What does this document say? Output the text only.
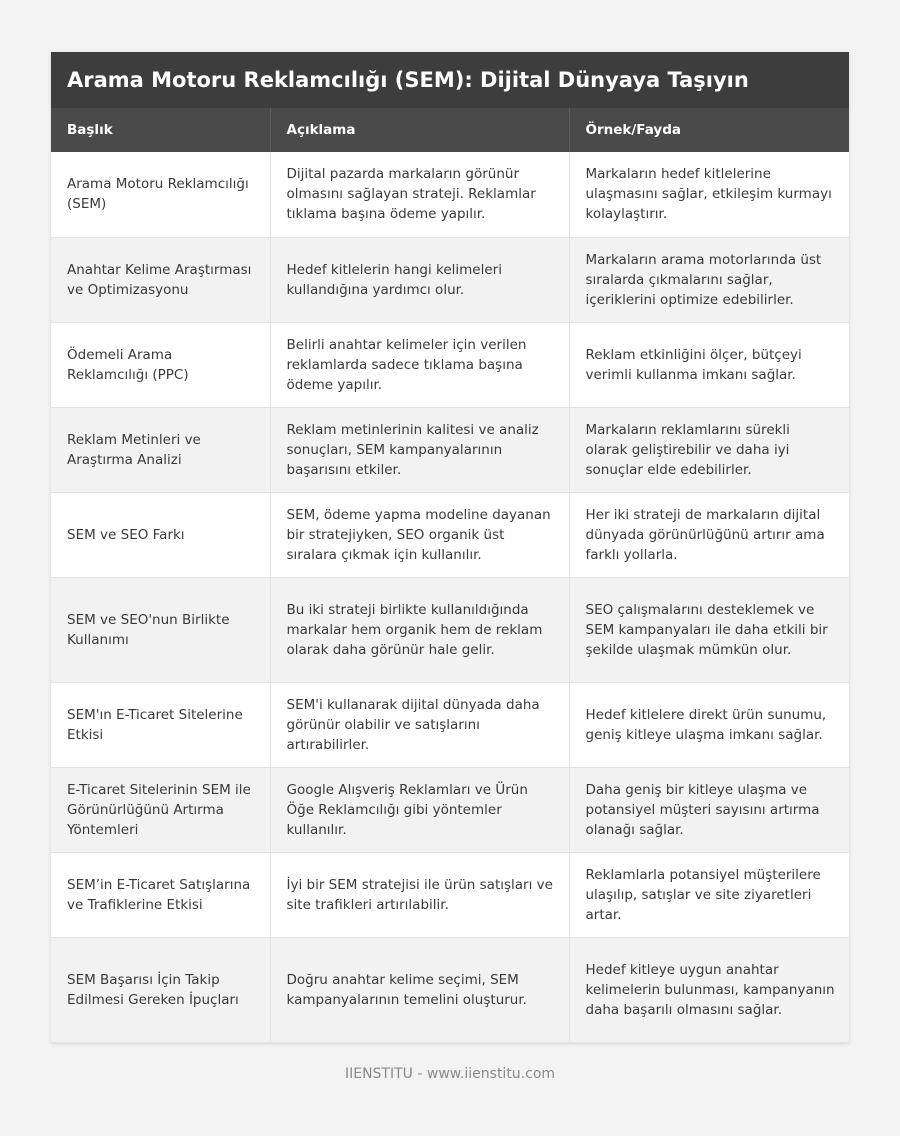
Arama Motoru Reklamcılığı (SEM): Dijital Dünyaya Taşıyın
Başlık	Açıklama	Örnek/Fayda
Arama Motoru Reklamcılığı (SEM)	Dijital pazarda markaların görünür olmasını sağlayan strateji. Reklamlar tıklama başına ödeme yapılır.	Markaların hedef kitlelerine ulaşmasını sağlar, etkileşim kurmayı kolaylaştırır.
Anahtar Kelime Araştırması ve Optimizasyonu	Hedef kitlelerin hangi kelimeleri kullandığına yardımcı olur.	Markaların arama motorlarında üst sıralarda çıkmalarını sağlar, içeriklerini optimize edebilirler.
Ödemeli Arama Reklamcılığı (PPC)	Belirli anahtar kelimeler için verilen reklamlarda sadece tıklama başına ödeme yapılır.	Reklam etkinliğini ölçer, bütçeyi verimli kullanma imkanı sağlar.
Reklam Metinleri ve Araştırma Analizi	Reklam metinlerinin kalitesi ve analiz sonuçları, SEM kampanyalarının başarısını etkiler.	Markaların reklamlarını sürekli olarak geliştirebilir ve daha iyi sonuçlar elde edebilirler.
SEM ve SEO Farkı	SEM, ödeme yapma modeline dayanan bir stratejiyken, SEO organik üst sıralara çıkmak için kullanılır.	Her iki strateji de markaların dijital dünyada görünürlüğünü artırır ama farklı yollarla.
SEM ve SEO'nun Birlikte Kullanımı	Bu iki strateji birlikte kullanıldığında markalar hem organik hem de reklam olarak daha görünür hale gelir.	SEO çalışmalarını desteklemek ve SEM kampanyaları ile daha etkili bir şekilde ulaşmak mümkün olur.
SEM'ın E-Ticaret Sitelerine Etkisi	SEM'i kullanarak dijital dünyada daha görünür olabilir ve satışlarını artırabilirler.	Hedef kitlelere direkt ürün sunumu, geniş kitleye ulaşma imkanı sağlar.
E-Ticaret Sitelerinin SEM ile Görünürlüğünü Artırma Yöntemleri	Google Alışveriş Reklamları ve Ürün Öğe Reklamcılığı gibi yöntemler kullanılır.	Daha geniş bir kitleye ulaşma ve potansiyel müşteri sayısını artırma olanağı sağlar.
SEM’in E-Ticaret Satışlarına ve Trafiklerine Etkisi	İyi bir SEM stratejisi ile ürün satışları ve site trafikleri artırılabilir.	Reklamlarla potansiyel müşterilere ulaşılıp, satışlar ve site ziyaretleri artar.
SEM Başarısı İçin Takip Edilmesi Gereken İpuçları	Doğru anahtar kelime seçimi, SEM kampanyalarının temelini oluşturur.	Hedef kitleye uygun anahtar kelimelerin bulunması, kampanyanın daha başarılı olmasını sağlar.
IIENSTITU - www.iienstitu.com
